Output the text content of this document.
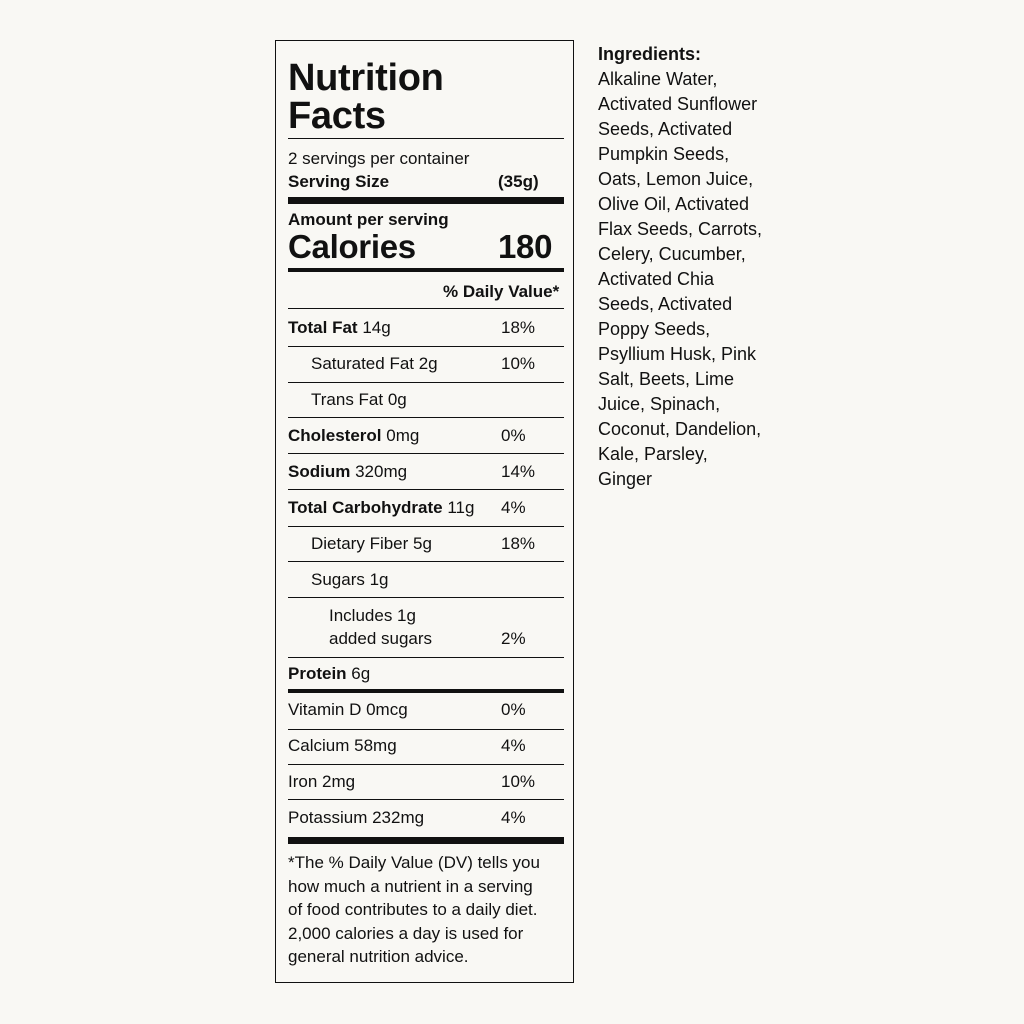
Nutrition
Facts
2 servings per container
Serving Size	(35g)
Amount per serving
Calories 180
% Daily Value*
Total Fat 14g	18%
Saturated Fat 2g	10%
Trans Fat 0g
Cholesterol 0mg	0%
Sodium 320mg	14%
Total Carbohydrate 11g 4%
Dietary Fiber 5g	18%
Sugars 1g
Includes 1g
added sugars	2%
Protein 6g
Vitamin D 0mcg	0%
Calcium 58mg	4%
Iron 2mg	10%
Potassium 232mg	4%
*The % Daily Value (DV) tells you
how much a nutrient in a serving
of food contributes to a daily diet.
2,000 calories a day is used for
general nutrition advice.
Ingredients:
Alkaline Water,
Activated Sunflower
Seeds, Activated
Pumpkin Seeds,
Oats, Lemon Juice,
Olive Oil, Activated
Flax Seeds, Carrots,
Celery, Cucumber,
Activated Chia
Seeds, Activated
Poppy Seeds,
Psyllium Husk, Pink
Salt, Beets, Lime
Juice, Spinach,
Coconut, Dandelion,
Kale, Parsley,
Ginger
